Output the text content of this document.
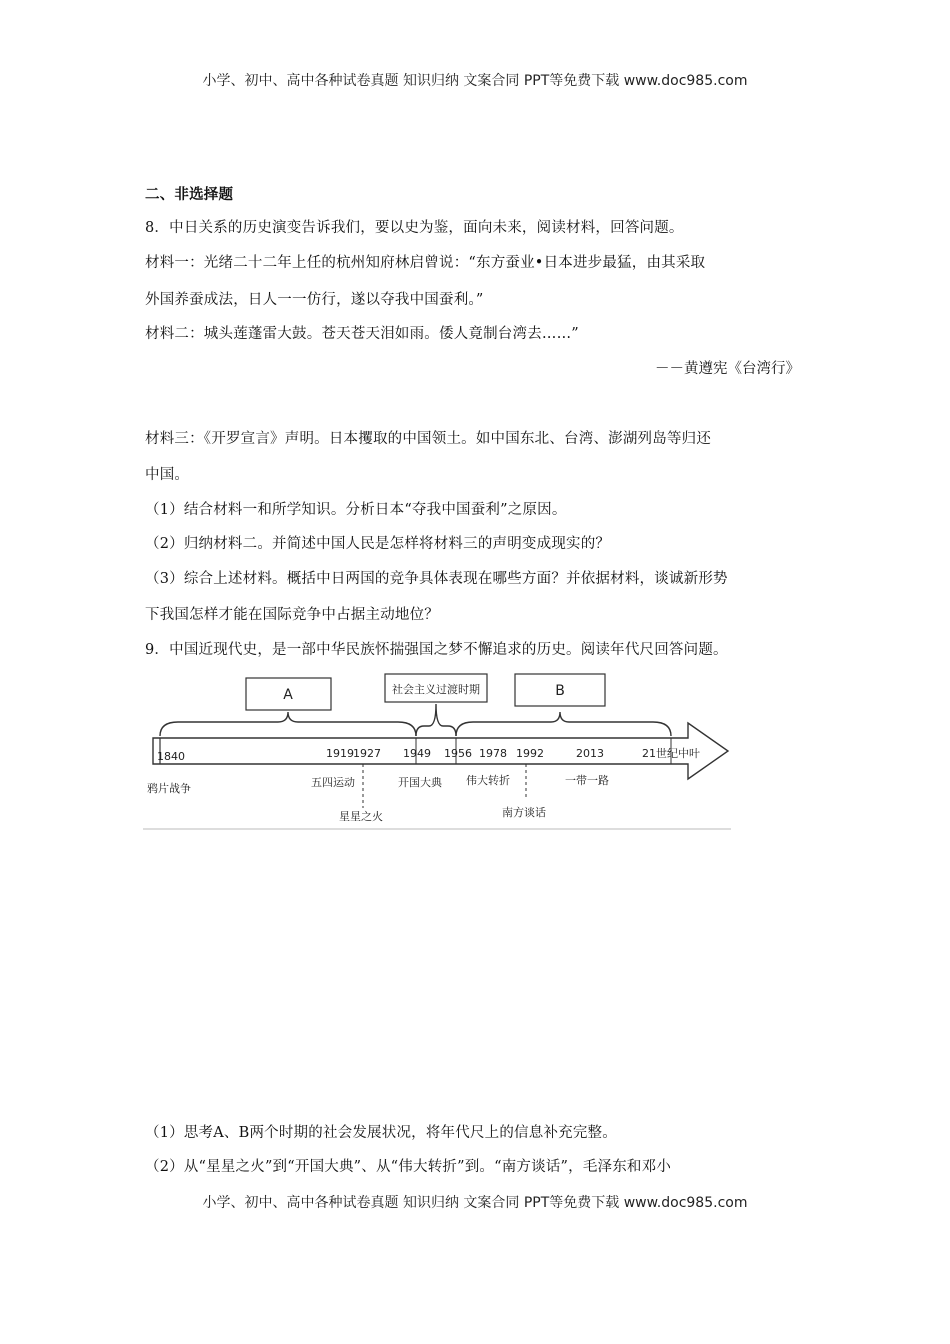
小学、初中、高中各种试卷真题 知识归纳 文案合同 PPT等免费下载 www.doc985.com
二、非选择题
8．中日关系的历史演变告诉我们，要以史为鉴，面向未来，阅读材料，回答问题。
材料一：光绪二十二年上任的杭州知府林启曾说：“东方蚕业•日本进步最猛，由其采取
外国养蚕成法，日人一一仿行，遂以夺我中国蚕利。”
材料二：城头莲蓬雷大鼓。苍天苍天泪如雨。倭人竟制台湾去……”
－－黄遵宪《台湾行》
材料三：《开罗宣言》声明。日本攫取的中国领土。如中国东北、台湾、澎湖列岛等归还
中国。
（1）结合材料一和所学知识。分析日本“夺我中国蚕利”之原因。
（2）归纳材料二。并简述中国人民是怎样将材料三的声明变成现实的？
（3）综合上述材料。概括中日两国的竞争具体表现在哪些方面？并依据材料，谈诚新形势
下我国怎样才能在国际竞争中占据主动地位？
9．中国近现代史，是一部中华民族怀揣强国之梦不懈追求的历史。阅读年代尺回答问题。
A	社会主义过渡时期	B
1840	1919 1927 1949 1956 1978 1992	2013	21世纪中叶
鸦片战争	五四运动
星星之火
开国大典 伟大转折
南方谈话
一带一路
（1）思考A、B两个时期的社会发展状况，将年代尺上的信息补充完整。
（2）从“星星之火”到“开国大典”、从“伟大转折”到。“南方谈话”，毛泽东和邓小
小学、初中、高中各种试卷真题 知识归纳 文案合同 PPT等免费下载 www.doc985.com
